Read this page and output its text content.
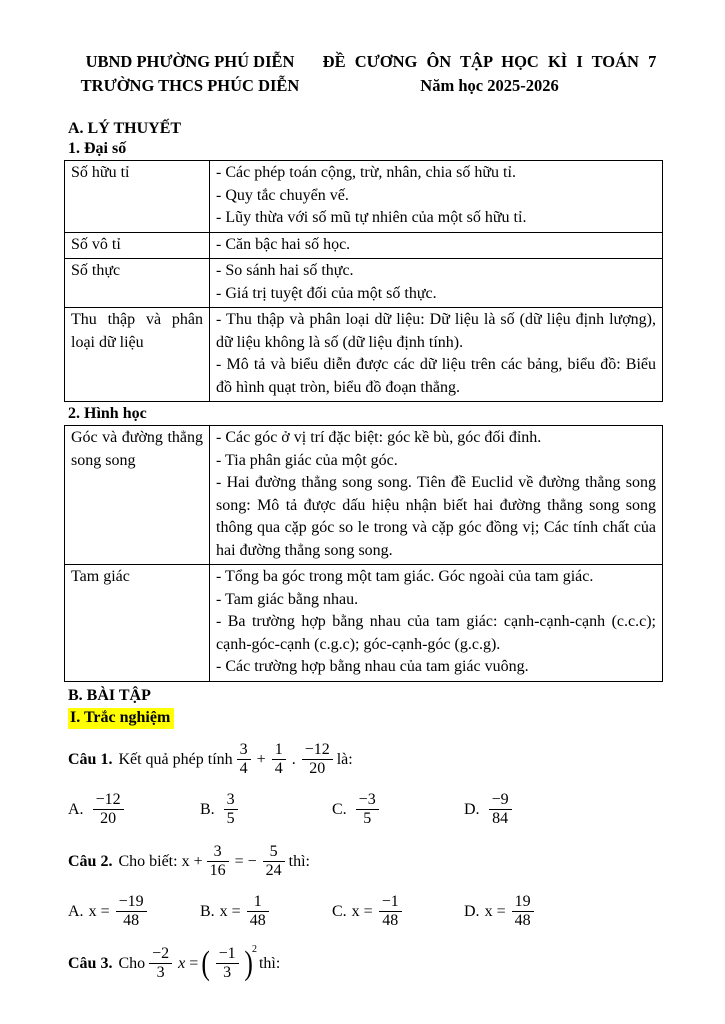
UBND PHƯỜNG PHÚ DIỄN
TRƯỜNG THCS PHÚC DIỄN
ĐỀ CƯƠNG ÔN TẬP HỌC KÌ I TOÁN 7
Năm học 2025-2026
A. LÝ THUYẾT
1. Đại số
Số hữu tỉ	- Các phép toán cộng, trừ, nhân, chia số hữu tỉ.
- Quy tắc chuyển vế.
- Lũy thừa với số mũ tự nhiên của một số hữu tỉ.

Số vô tỉ	- Căn bậc hai số học.

Số thực	- So sánh hai số thực.
- Giá trị tuyệt đối của một số thực.

Thu thập và phân loại dữ liệu	- Thu thập và phân loại dữ liệu: Dữ liệu là số (dữ liệu định lượng), dữ liệu không là số (dữ liệu định tính).
- Mô tả và biểu diễn được các dữ liệu trên các bảng, biểu đồ: Biểu đồ hình quạt tròn, biểu đồ đoạn thẳng.
2. Hình học
Góc và đường thẳng song song	- Các góc ở vị trí đặc biệt: góc kề bù, góc đối đỉnh.
- Tia phân giác của một góc.
- Hai đường thẳng song song. Tiên đề Euclid về đường thẳng song song: Mô tả được dấu hiệu nhận biết hai đường thẳng song song thông qua cặp góc so le trong và cặp góc đồng vị; Các tính chất của hai đường thẳng song song.

Tam giác	- Tổng ba góc trong một tam giác. Góc ngoài của tam giác.
- Tam giác bằng nhau.
- Ba trường hợp bằng nhau của tam giác: cạnh-cạnh-cạnh (c.c.c); cạnh-góc-cạnh (c.g.c); góc-cạnh-góc (g.c.g).
- Các trường hợp bằng nhau của tam giác vuông.
B. BÀI TẬP
I. Trắc nghiệm
Câu 1. Kết quả phép tính $\frac{3}{4} + \frac{1}{4}$ . $\frac{-12}{20}$ là:
A. $\frac{-12}{20}$	B. $\frac{3}{5}$	C. $\frac{-3}{5}$	D. $\frac{-9}{84}$
Câu 2. Cho biết: $x + \frac{3}{16}$ = − $\frac{5}{24}$ thì:
A. $x = \frac{-19}{48}$	B. $x = \frac{1}{48}$	C. $x = \frac{-1}{48}$	D. $x = \frac{19}{48}$
Câu 3. Cho $\frac{-2}{3}$ x = ( $\frac{-1}{3}$ ) 2
thì:
